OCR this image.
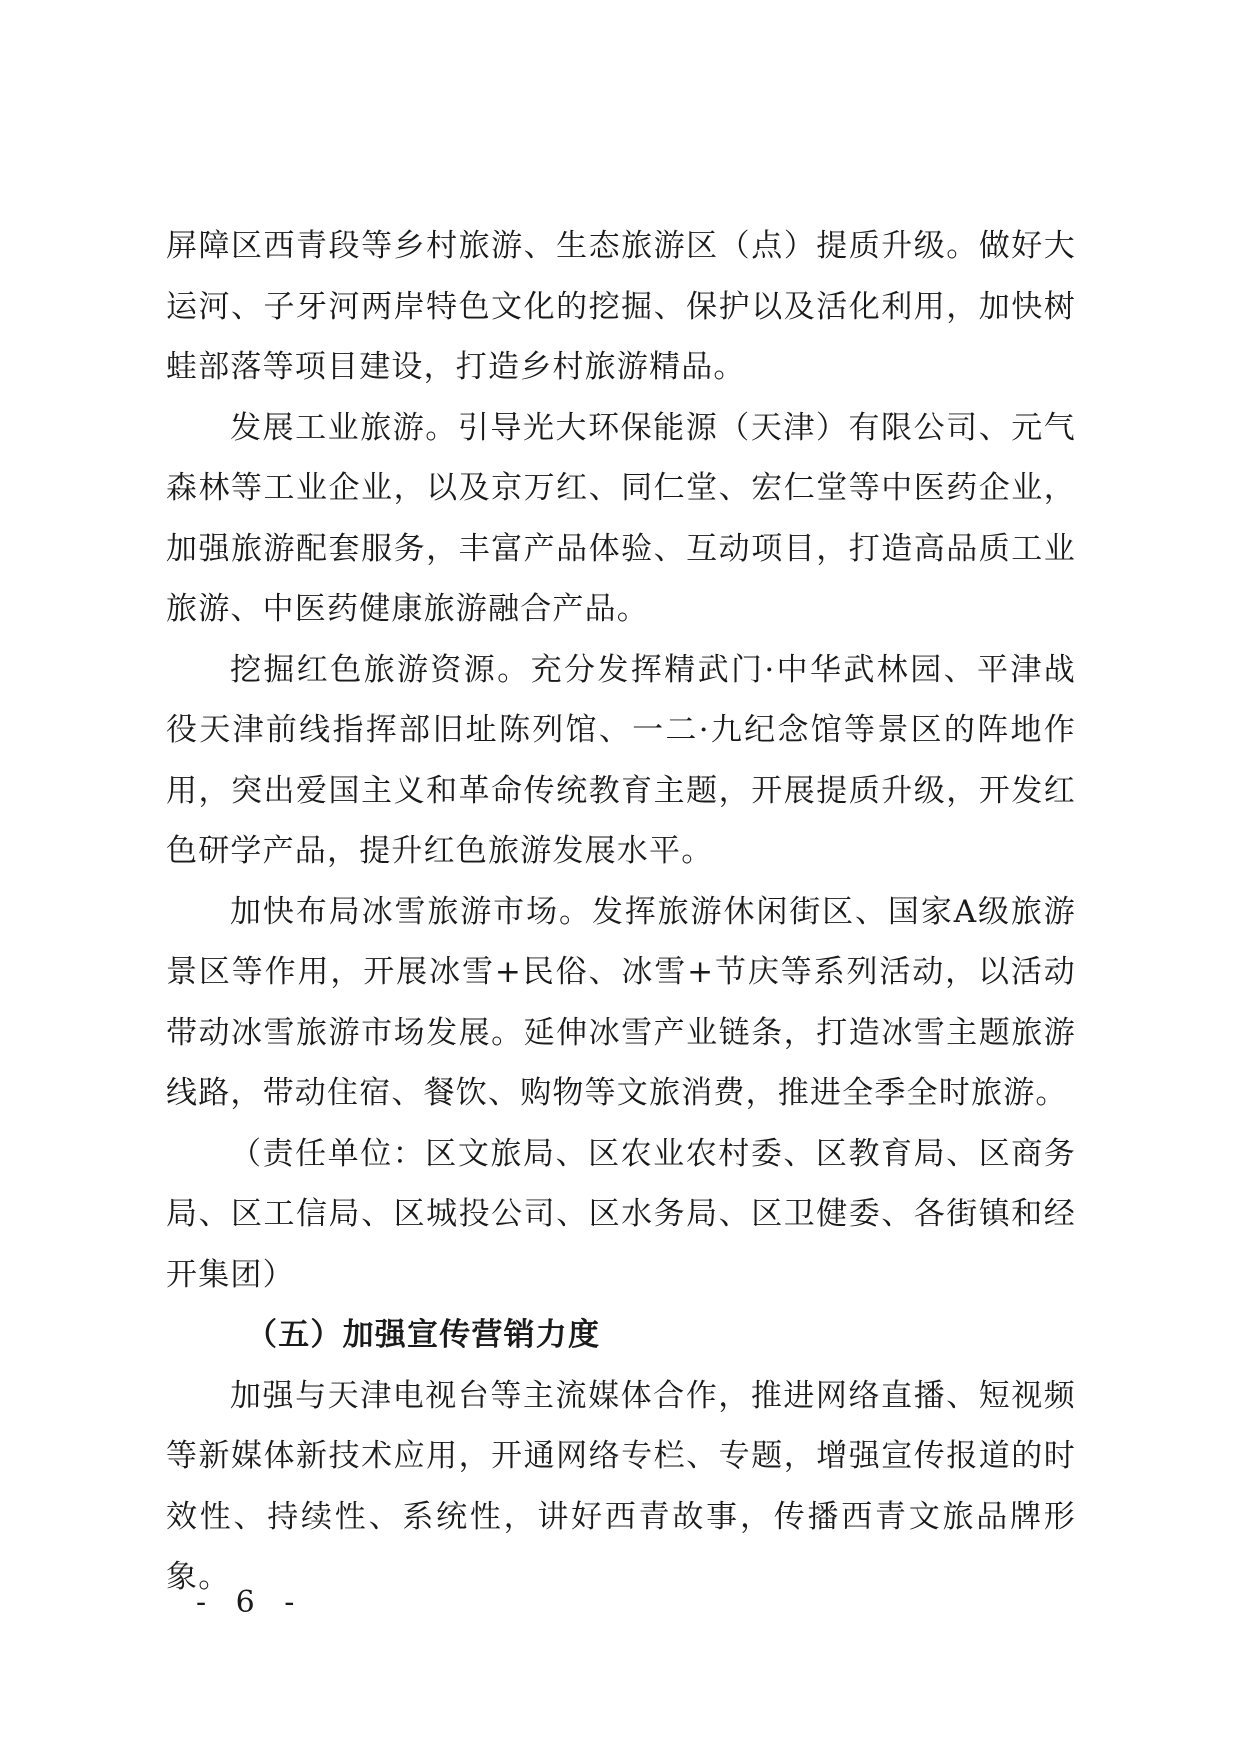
屏障区西青段等乡村旅游、生态旅游区（点）提质升级。做好大运河、子牙河两岸特色文化的挖掘、保护以及活化利用，加快树蛙部落等项目建设，打造乡村旅游精品。

发展工业旅游。引导光大环保能源（天津）有限公司、元气森林等工业企业，以及京万红、同仁堂、宏仁堂等中医药企业，加强旅游配套服务，丰富产品体验、互动项目，打造高品质工业旅游、中医药健康旅游融合产品。

挖掘红色旅游资源。充分发挥精武门·中华武林园、平津战役天津前线指挥部旧址陈列馆、一二·九纪念馆等景区的阵地作用，突出爱国主义和革命传统教育主题，开展提质升级，开发红色研学产品，提升红色旅游发展水平。

加快布局冰雪旅游市场。发挥旅游休闲街区、国家A级旅游景区等作用，开展冰雪+民俗、冰雪+节庆等系列活动，以活动带动冰雪旅游市场发展。延伸冰雪产业链条，打造冰雪主题旅游线路，带动住宿、餐饮、购物等文旅消费，推进全季全时旅游。

（责任单位：区文旅局、区农业农村委、区教育局、区商务局、区工信局、区城投公司、区水务局、区卫健委、各街镇和经开集团）

（五）加强宣传营销力度

加强与天津电视台等主流媒体合作，推进网络直播、短视频等新媒体新技术应用，开通网络专栏、专题，增强宣传报道的时效性、持续性、系统性，讲好西青故事，传播西青文旅品牌形象。

- 6 -
